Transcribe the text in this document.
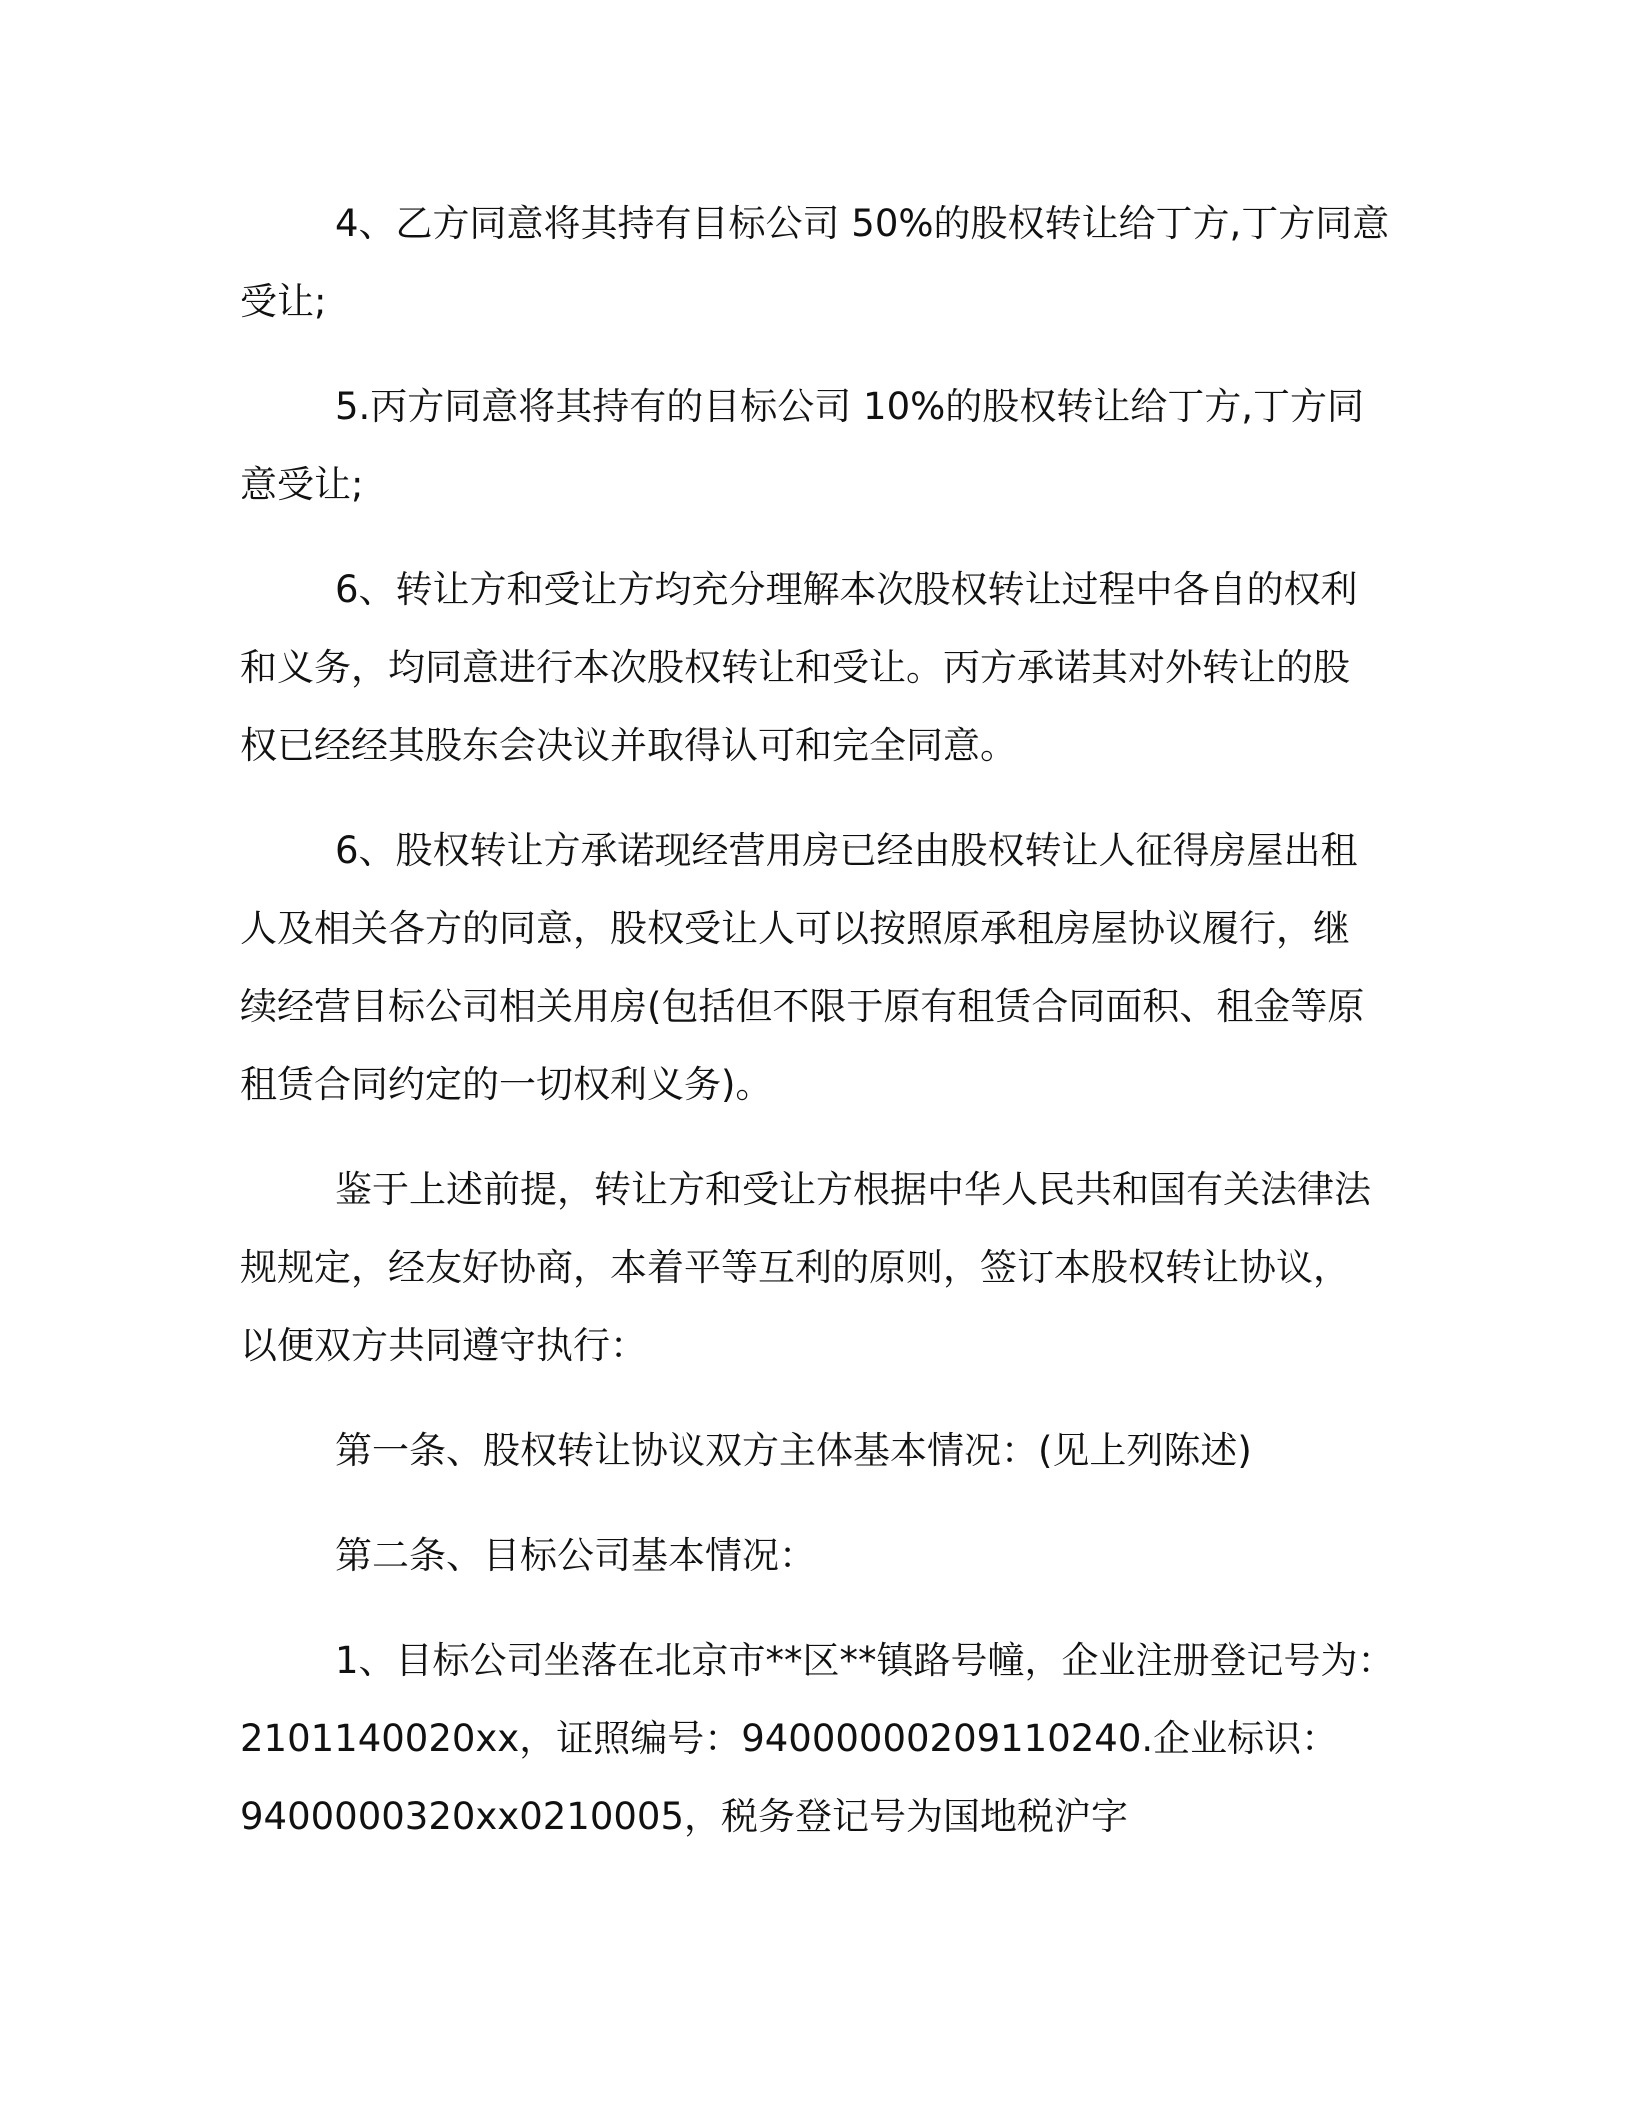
4、乙方同意将其持有目标公司 50%的股权转让给丁方,丁方同意
受让;

5.丙方同意将其持有的目标公司 10%的股权转让给丁方,丁方同
意受让;

6、转让方和受让方均充分理解本次股权转让过程中各自的权利
和义务，均同意进行本次股权转让和受让。丙方承诺其对外转让的股
权已经经其股东会决议并取得认可和完全同意。

6、股权转让方承诺现经营用房已经由股权转让人征得房屋出租
人及相关各方的同意，股权受让人可以按照原承租房屋协议履行，继
续经营目标公司相关用房(包括但不限于原有租赁合同面积、租金等原
租赁合同约定的一切权利义务)。

鉴于上述前提，转让方和受让方根据中华人民共和国有关法律法
规规定，经友好协商，本着平等互利的原则，签订本股权转让协议，
以便双方共同遵守执行：

第一条、股权转让协议双方主体基本情况：(见上列陈述)

第二条、目标公司基本情况：

1、目标公司坐落在北京市**区**镇路号幢，企业注册登记号为：
2101140020xx，证照编号：94000000209110240.企业标识：
9400000320xx0210005，税务登记号为国地税沪字
